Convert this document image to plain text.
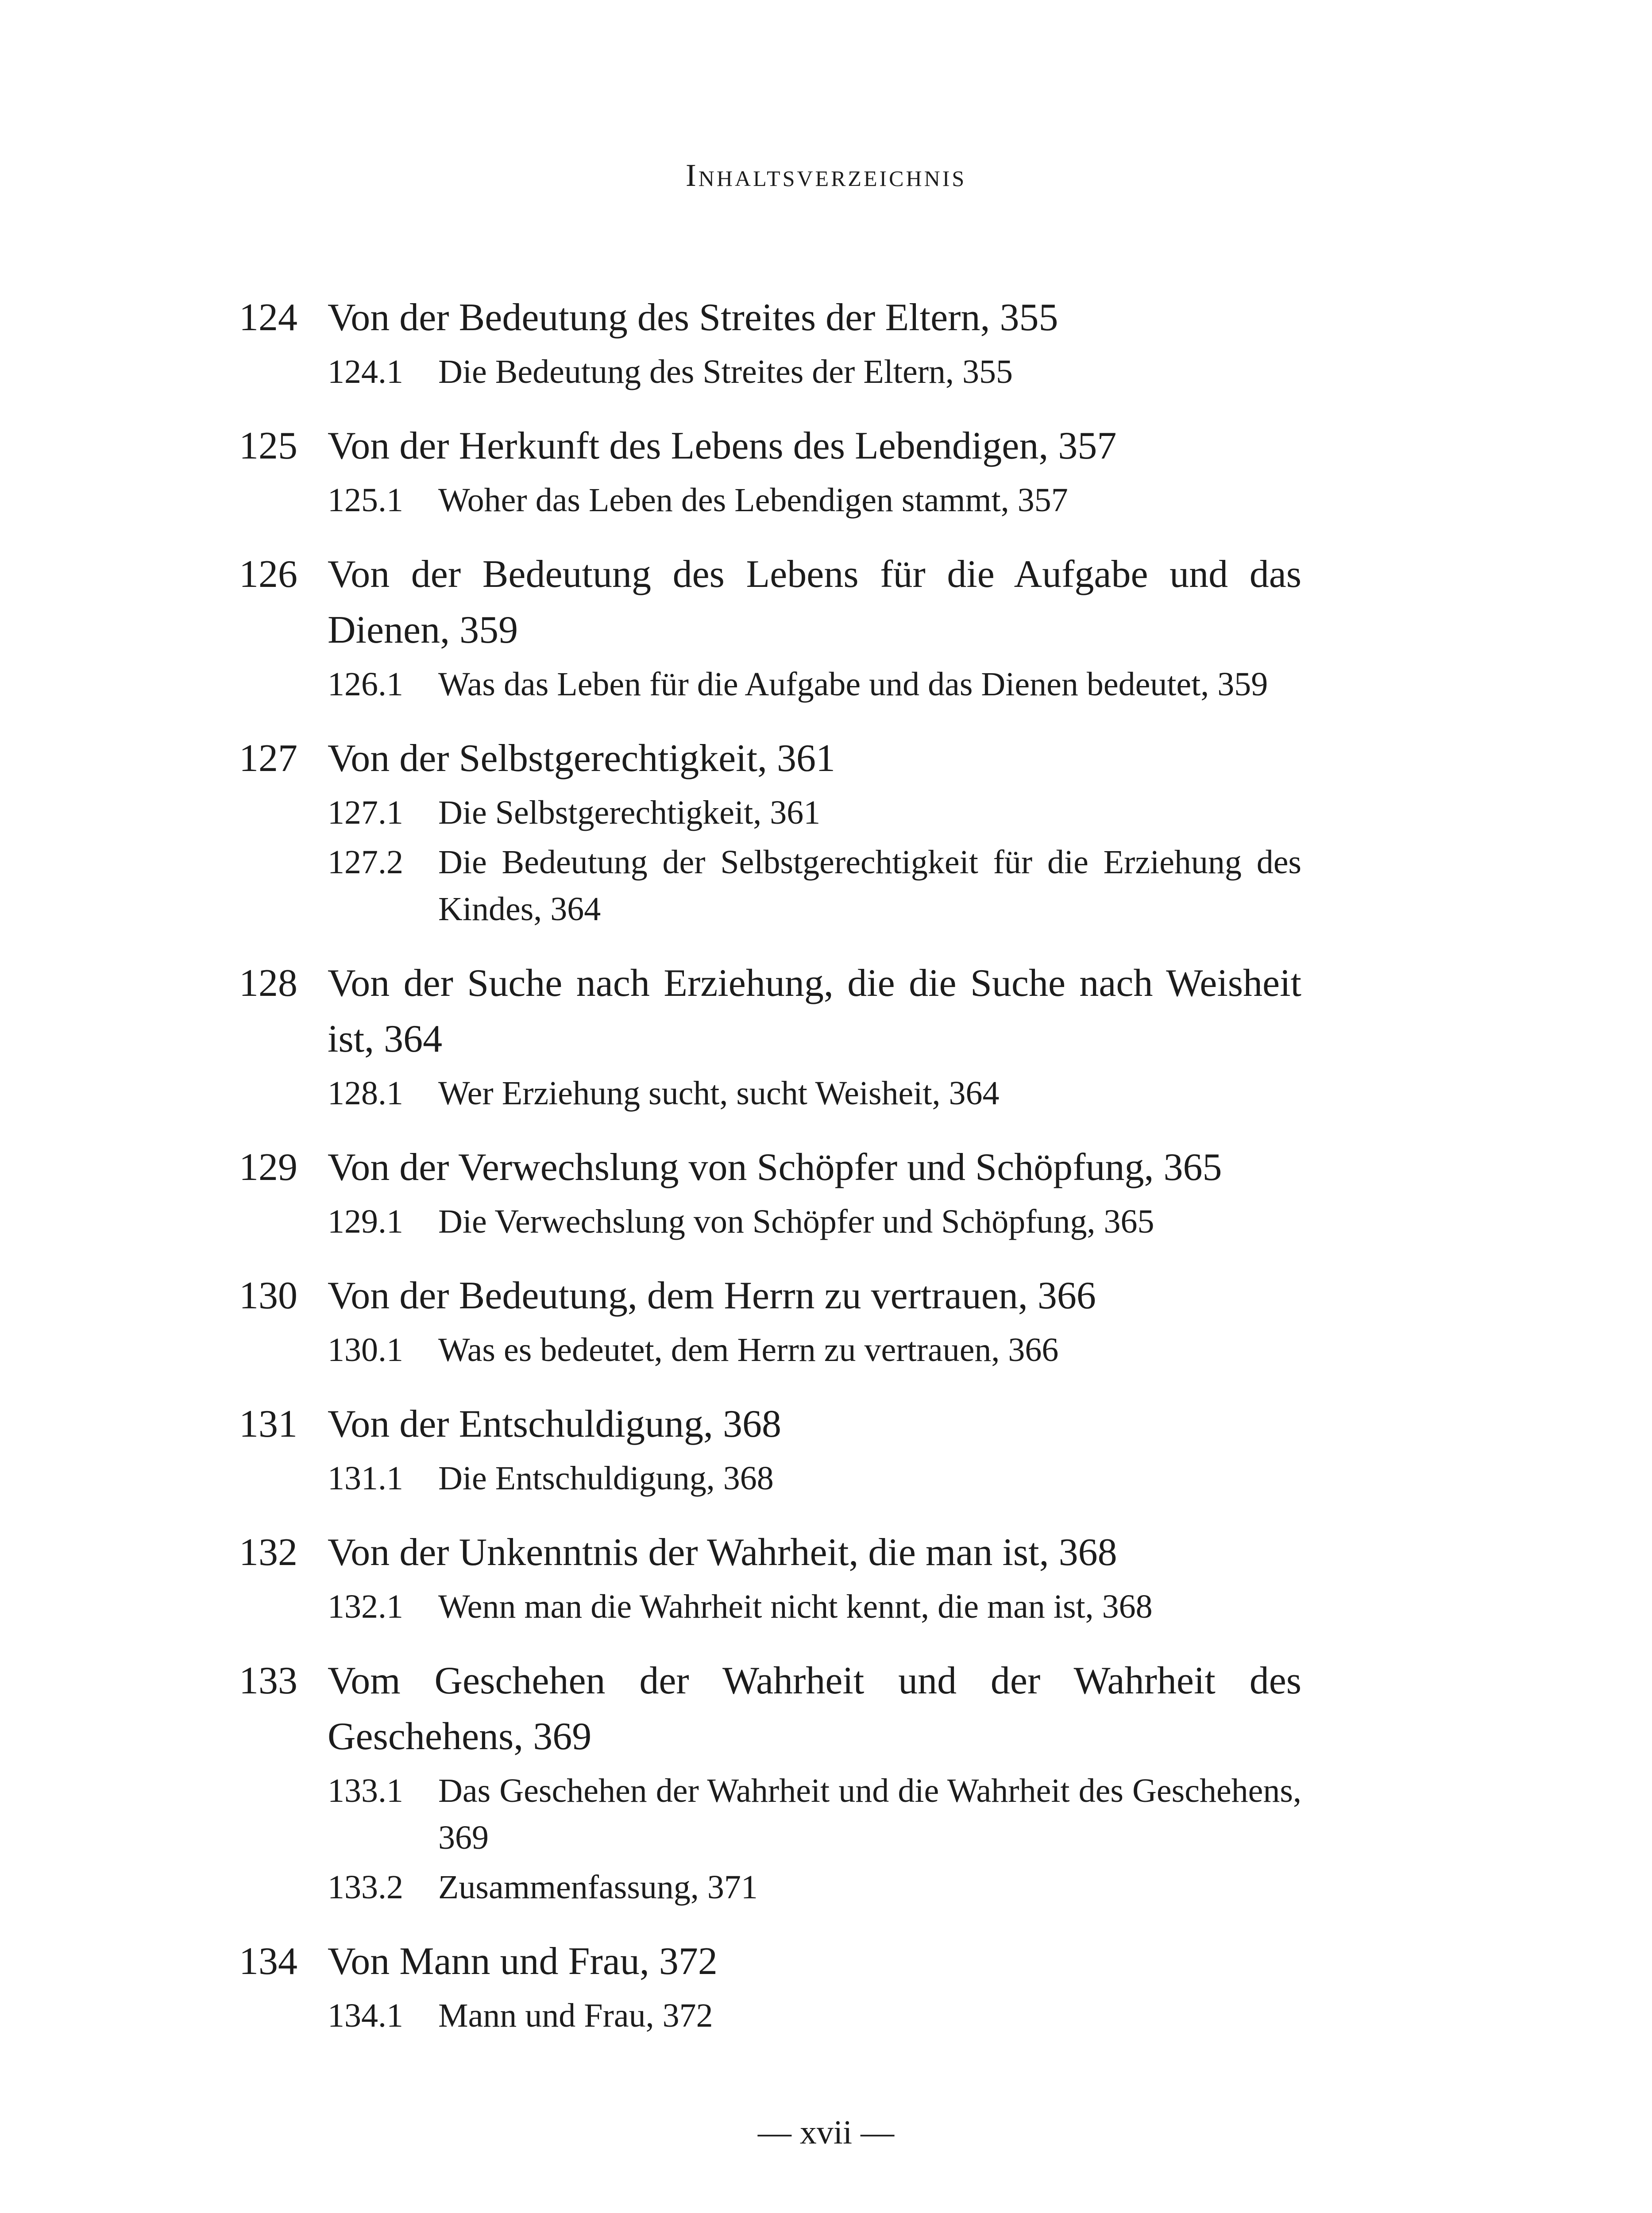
Inhaltsverzeichnis
124 Von der Bedeutung des Streites der Eltern, 355
124.1	Die Bedeutung des Streites der Eltern, 355
125 Von der Herkunft des Lebens des Lebendigen, 357
125.1	Woher das Leben des Lebendigen stammt, 357
126 Von der Bedeutung des Lebens für die Aufgabe und das Dienen, 359
126.1	Was das Leben für die Aufgabe und das Dienen bedeutet, 359
127 Von der Selbstgerechtigkeit, 361
127.1	Die Selbstgerechtigkeit, 361
127.2	Die Bedeutung der Selbstgerechtigkeit für die Erziehung des Kindes, 364
128 Von der Suche nach Erziehung, die die Suche nach Weisheit ist, 364
128.1	Wer Erziehung sucht, sucht Weisheit, 364
129 Von der Verwechslung von Schöpfer und Schöpfung, 365
129.1	Die Verwechslung von Schöpfer und Schöpfung, 365
130 Von der Bedeutung, dem Herrn zu vertrauen, 366
130.1	Was es bedeutet, dem Herrn zu vertrauen, 366
131 Von der Entschuldigung, 368
131.1	Die Entschuldigung, 368
132 Von der Unkenntnis der Wahrheit, die man ist, 368
132.1	Wenn man die Wahrheit nicht kennt, die man ist, 368
133 Vom Geschehen der Wahrheit und der Wahrheit des Geschehens, 369
133.1	Das Geschehen der Wahrheit und die Wahrheit des Geschehens, 369
133.2	Zusammenfassung, 371
134 Von Mann und Frau, 372
134.1	Mann und Frau, 372
— xvii —
